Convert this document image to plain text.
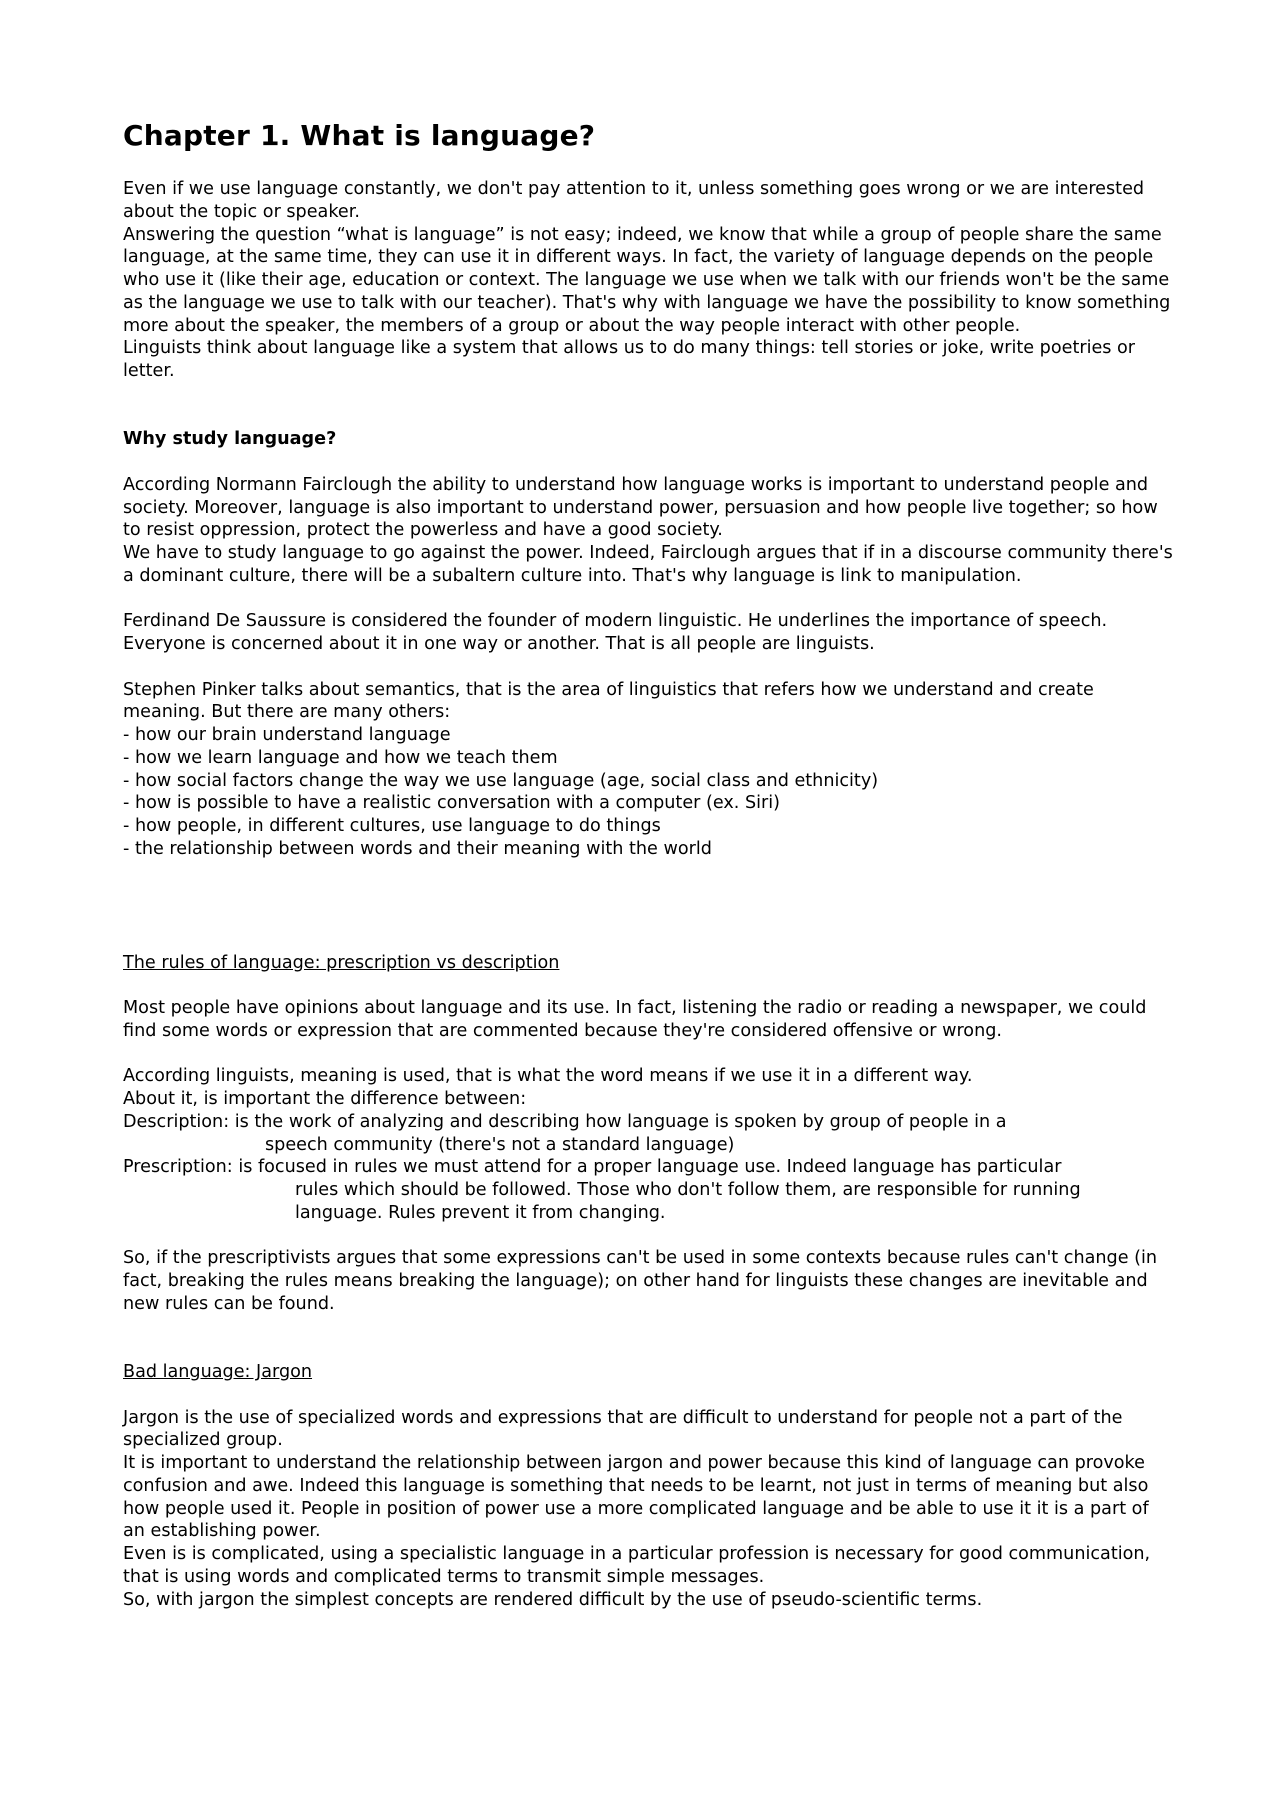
Chapter 1. What is language?

Even if we use language constantly, we don't pay attention to it, unless something goes wrong or we are interested about the topic or speaker.

Answering the question “what is language” is not easy; indeed, we know that while a group of people share the same language, at the same time, they can use it in different ways. In fact, the variety of language depends on the people who use it (like their age, education or context. The language we use when we talk with our friends won't be the same as the language we use to talk with our teacher). That's why with language we have the possibility to know something more about the speaker, the members of a group or about the way people interact with other people.

Linguists think about language like a system that allows us to do many things: tell stories or joke, write poetries or letter.

Why study language?

According Normann Fairclough the ability to understand how language works is important to understand people and society. Moreover, language is also important to understand power, persuasion and how people live together; so how to resist oppression, protect the powerless and have a good society.

We have to study language to go against the power. Indeed, Fairclough argues that if in a discourse community there's a dominant culture, there will be a subaltern culture into. That's why language is link to manipulation.

Ferdinand De Saussure is considered the founder of modern linguistic. He underlines the importance of speech. Everyone is concerned about it in one way or another. That is all people are linguists.

Stephen Pinker talks about semantics, that is the area of linguistics that refers how we understand and create meaning. But there are many others:

- how our brain understand language
- how we learn language and how we teach them
- how social factors change the way we use language (age, social class and ethnicity)
- how is possible to have a realistic conversation with a computer (ex. Siri)
- how people, in different cultures, use language to do things
- the relationship between words and their meaning with the world

The rules of language: prescription vs description

Most people have opinions about language and its use. In fact, listening the radio or reading a newspaper, we could find some words or expression that are commented because they're considered offensive or wrong.

According linguists, meaning is used, that is what the word means if we use it in a different way.

About it, is important the difference between:

Description: is the work of analyzing and describing how language is spoken by group of people in a

speech community (there's not a standard language)

Prescription: is focused in rules we must attend for a proper language use. Indeed language has particular

rules which should be followed. Those who don't follow them, are responsible for running

language. Rules prevent it from changing.

So, if the prescriptivists argues that some expressions can't be used in some contexts because rules can't change (in fact, breaking the rules means breaking the language); on other hand for linguists these changes are inevitable and new rules can be found.

Bad language: Jargon

Jargon is the use of specialized words and expressions that are difficult to understand for people not a part of the specialized group.

It is important to understand the relationship between jargon and power because this kind of language can provoke confusion and awe. Indeed this language is something that needs to be learnt, not just in terms of meaning but also how people used it. People in position of power use a more complicated language and be able to use it it is a part of an establishing power.

Even is is complicated, using a specialistic language in a particular profession is necessary for good communication, that is using words and complicated terms to transmit simple messages.

So, with jargon the simplest concepts are rendered difficult by the use of pseudo-scientific terms.
